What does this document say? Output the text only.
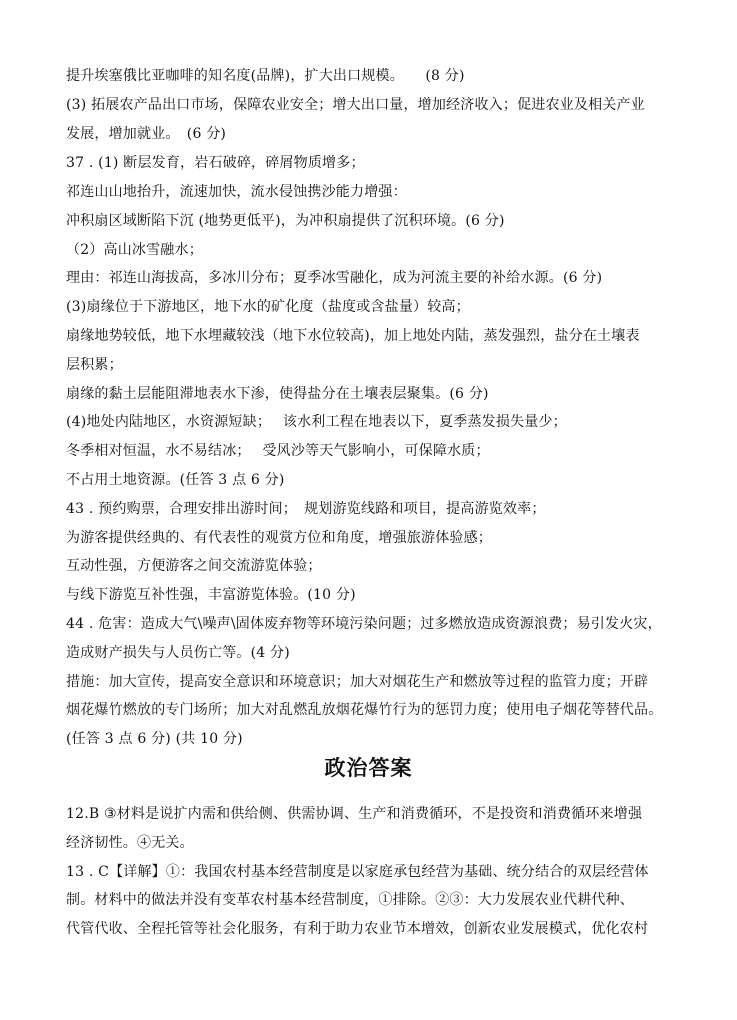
提升埃塞俄比亚咖啡的知名度(品牌)，扩大出口规模。　　(8 分)
(3) 拓展农产品出口市场，保障农业安全；增大出口量，增加经济收入；促进农业及相关产业
发展，增加就业。　(6 分)
37 . (1) 断层发育，岩石破碎，碎屑物质增多；
祁连山山地抬升，流速加快，流水侵蚀携沙能力增强：
冲积扇区域断陷下沉 (地势更低平)，为冲积扇提供了沉积环境。(6 分)
（2）高山冰雪融水；
理由：祁连山海拔高，多冰川分布；夏季冰雪融化，成为河流主要的补给水源。(6 分)
(3)扇缘位于下游地区，地下水的矿化度（盐度或含盐量）较高；
扇缘地势较低，地下水埋藏较浅（地下水位较高)，加上地处内陆，蒸发强烈，盐分在土壤表
层积累；
扇缘的黏土层能阻滞地表水下渗，使得盐分在土壤表层聚集。(6 分)
(4)地处内陆地区，水资源短缺；　 该水利工程在地表以下，夏季蒸发损失量少；
冬季相对恒温，水不易结冰；　 受风沙等天气影响小，可保障水质；
不占用土地资源。(任答 3 点 6 分)
43 . 预约购票，合理安排出游时间；　规划游览线路和项目，提高游览效率；
为游客提供经典的、有代表性的观赏方位和角度，增强旅游体验感；
互动性强，方便游客之间交流游览体验；
与线下游览互补性强，丰富游览体验。(10 分)
44 . 危害：造成大气\噪声\固体废弃物等环境污染问题；过多燃放造成资源浪费；易引发火灾，
造成财产损失与人员伤亡等。(4 分)
措施：加大宣传，提高安全意识和环境意识；加大对烟花生产和燃放等过程的监管力度；开辟
烟花爆竹燃放的专门场所；加大对乱燃乱放烟花爆竹行为的惩罚力度；使用电子烟花等替代品。
(任答 3 点 6 分) (共 10 分)
政治答案
12.B ③材料是说扩内需和供给侧、供需协调、生产和消费循环，不是投资和消费循环来增强
经济韧性。④无关。
13 . C【详解】①：我国农村基本经营制度是以家庭承包经营为基础、统分结合的双层经营体
制。材料中的做法并没有变革农村基本经营制度，①排除。②③：大力发展农业代耕代种、
代管代收、全程托管等社会化服务，有利于助力农业节本增效，创新农业发展模式，优化农村
